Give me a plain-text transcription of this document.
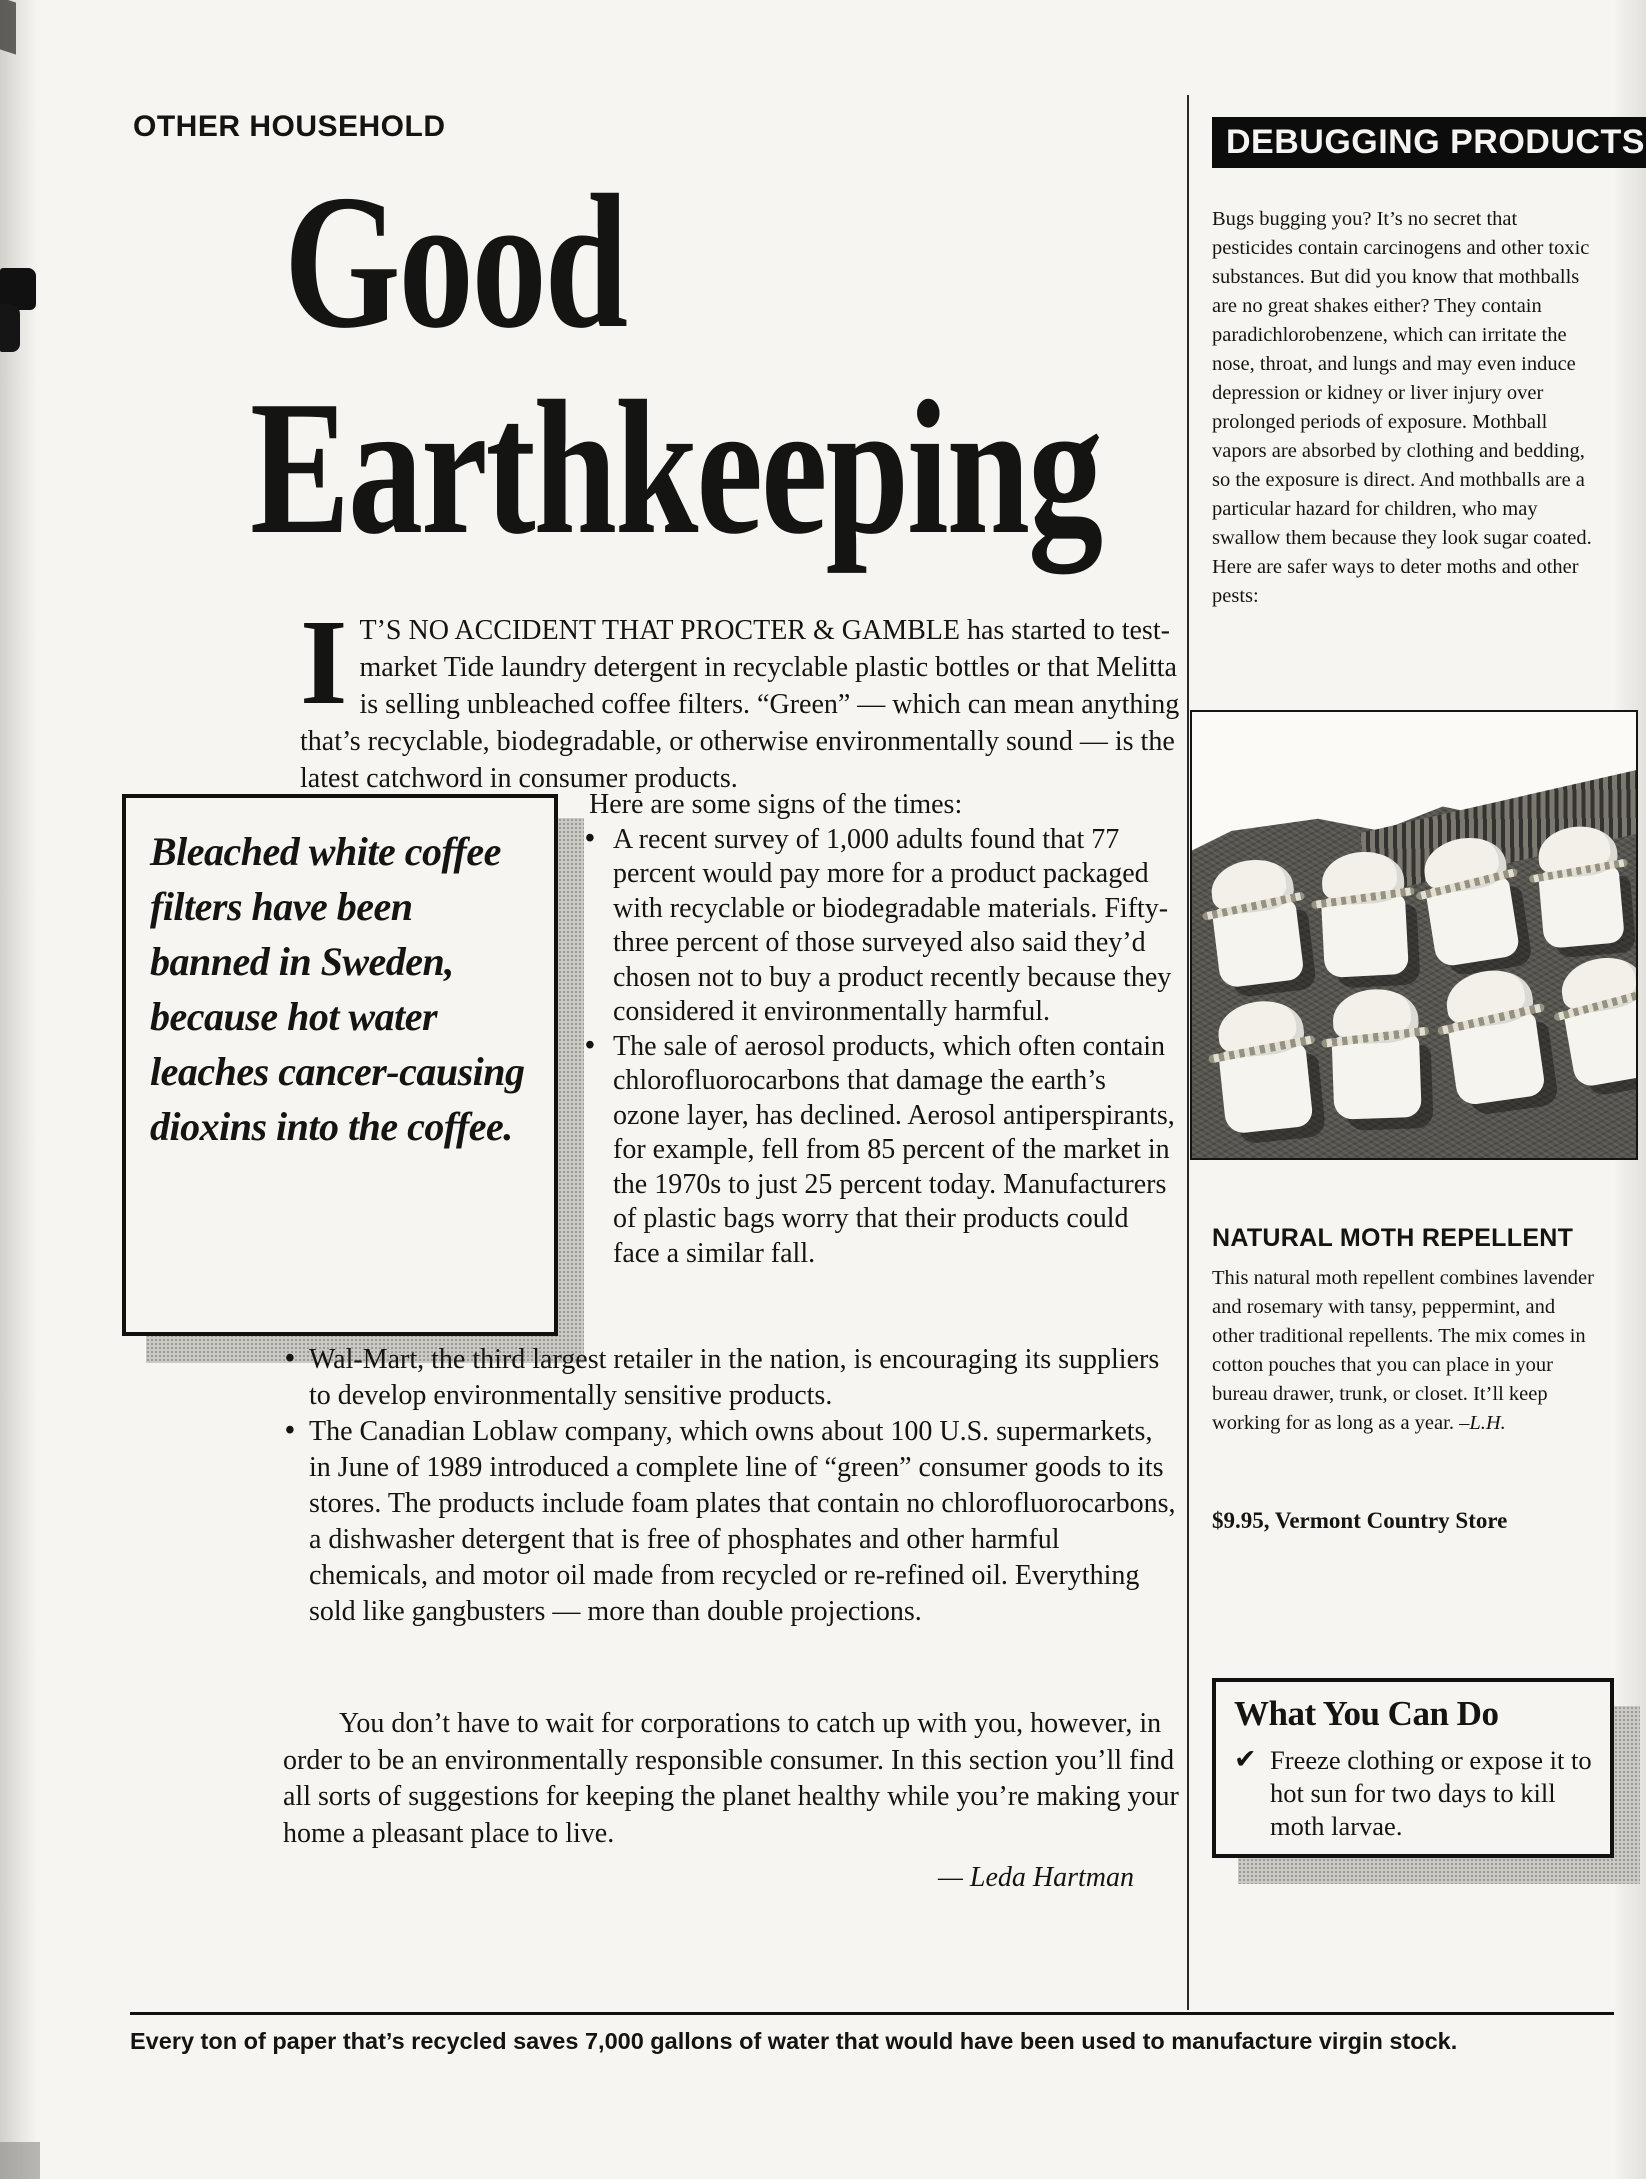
OTHER HOUSEHOLD
Good
Earthkeeping
I T’S NO ACCIDENT THAT PROCTER & GAMBLE has started to test-market Tide laundry detergent in recyclable plastic bottles or that Melitta is selling unbleached coffee filters. “Green” — which can mean anything that’s recyclable, biodegradable, or otherwise environmentally sound — is the latest catchword in consumer products.

Bleached white coffee filters have been banned in Sweden, because hot water leaches cancer-causing dioxins into the coffee.

Here are some signs of the times:

• A recent survey of 1,000 adults found that 77 percent would pay more for a product packaged with recyclable or biodegradable materials. Fifty-three percent of those surveyed also said they’d chosen not to buy a product recently because they considered it environmentally harmful.

• The sale of aerosol products, which often contain chlorofluorocarbons that damage the earth’s ozone layer, has declined. Aerosol antiperspirants, for example, fell from 85 percent of the market in the 1970s to just 25 percent today. Manufacturers of plastic bags worry that their products could face a similar fall.

• Wal-Mart, the third largest retailer in the nation, is encouraging its suppliers to develop environmentally sensitive products.

• The Canadian Loblaw company, which owns about 100 U.S. supermarkets, in June of 1989 introduced a complete line of “green” consumer goods to its stores. The products include foam plates that contain no chlorofluorocarbons, a dishwasher detergent that is free of phosphates and other harmful chemicals, and motor oil made from recycled or re-refined oil. Everything sold like gangbusters — more than double projections.

You don’t have to wait for corporations to catch up with you, however, in order to be an environmentally responsible consumer. In this section you’ll find all sorts of suggestions for keeping the planet healthy while you’re making your home a pleasant place to live.

— Leda Hartman
DEBUGGING PRODUCTS
Bugs bugging you? It’s no secret that pesticides contain carcinogens and other toxic substances. But did you know that mothballs are no great shakes either? They contain paradichlorobenzene, which can irritate the nose, throat, and lungs and may even induce depression or kidney or liver injury over prolonged periods of exposure. Mothball vapors are absorbed by clothing and bedding, so the exposure is direct. And mothballs are a particular hazard for children, who may swallow them because they look sugar coated. Here are safer ways to deter moths and other pests:
NATURAL MOTH REPELLENT
This natural moth repellent combines lavender and rosemary with tansy, peppermint, and other traditional repellents. The mix comes in cotton pouches that you can place in your bureau drawer, trunk, or closet. It’ll keep working for as long as a year. –L.H.
$9.95, Vermont Country Store
What You Can Do
✔ Freeze clothing or expose it to hot sun for two days to kill moth larvae.
Every ton of paper that’s recycled saves 7,000 gallons of water that would have been used to manufacture virgin stock.
